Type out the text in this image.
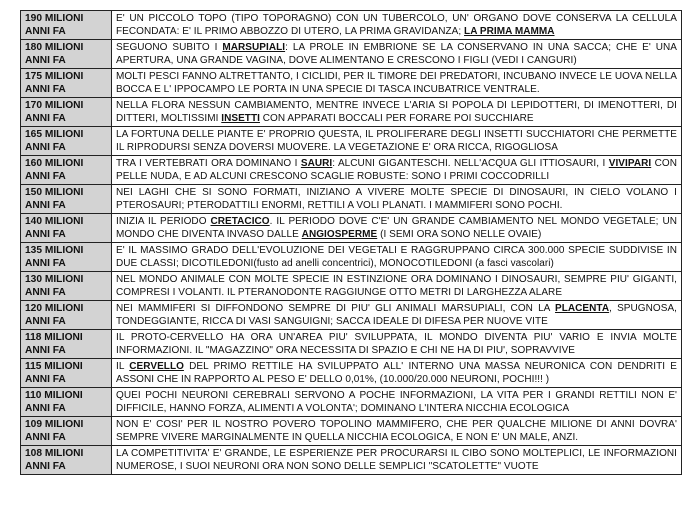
190 MILIONI
ANNI FA	E' UN PICCOLO TOPO (TIPO TOPORAGNO) CON UN TUBERCOLO, UN' ORGANO DOVE CONSERVA LA CELLULA FECONDATA: E' IL PRIMO ABBOZZO DI UTERO, LA PRIMA GRAVIDANZA; LA PRIMA MAMMA

180 MILIONI
ANNI FA	SEGUONO SUBITO I MARSUPIALI: LA PROLE IN EMBRIONE SE LA CONSERVANO IN UNA SACCA; CHE E' UNA APERTURA, UNA GRANDE VAGINA, DOVE ALIMENTANO E CRESCONO I FIGLI (VEDI I CANGURI)

175 MILIONI
ANNI FA	MOLTI PESCI FANNO ALTRETTANTO, I CICLIDI, PER IL TIMORE DEI PREDATORI, INCUBANO INVECE LE UOVA NELLA BOCCA E L' IPPOCAMPO LE PORTA IN UNA SPECIE DI TASCA INCUBATRICE VENTRALE.

170 MILIONI
ANNI FA	NELLA FLORA NESSUN CAMBIAMENTO, MENTRE INVECE L'ARIA SI POPOLA DI LEPIDOTTERI, DI IMENOTTERI, DI DITTERI, MOLTISSIMI INSETTI CON APPARATI BOCCALI PER FORARE POI SUCCHIARE

165 MILIONI
ANNI FA	LA FORTUNA DELLE PIANTE E' PROPRIO QUESTA, IL PROLIFERARE DEGLI INSETTI SUCCHIATORI CHE PERMETTE IL RIPRODURSI SENZA DOVERSI MUOVERE. LA VEGETAZIONE E' ORA RICCA, RIGOGLIOSA

160 MILIONI
ANNI FA	TRA I VERTEBRATI ORA DOMINANO I SAURI: ALCUNI GIGANTESCHI. NELL'ACQUA GLI ITTIOSAURI, I VIVIPARI CON PELLE NUDA, E AD ALCUNI CRESCONO SCAGLIE ROBUSTE: SONO I PRIMI COCCODRILLI

150 MILIONI
ANNI FA	NEI LAGHI CHE SI SONO FORMATI, INIZIANO A VIVERE MOLTE SPECIE DI DINOSAURI, IN CIELO VOLANO I PTEROSAURI; PTERODATTILI ENORMI, RETTILI A VOLI PLANATI. I MAMMIFERI SONO POCHI.

140 MILIONI
ANNI FA	INIZIA IL PERIODO CRETACICO. IL PERIODO DOVE C'E' UN GRANDE CAMBIAMENTO NEL MONDO VEGETALE; UN MONDO CHE DIVENTA INVASO DALLE ANGIOSPERME (I SEMI ORA SONO NELLE OVAIE)

135 MILIONI
ANNI FA	E' IL MASSIMO GRADO DELL'EVOLUZIONE DEI VEGETALI E RAGGRUPPANO CIRCA 300.000 SPECIE SUDDIVISE IN DUE CLASSI; DICOTILEDONI(fusto ad anelli concentrici), MONOCOTILEDONI (a fasci vascolari)

130 MILIONI
ANNI FA	NEL MONDO ANIMALE CON MOLTE SPECIE IN ESTINZIONE ORA DOMINANO I DINOSAURI, SEMPRE PIU' GIGANTI, COMPRESI I VOLANTI. IL PTERANODONTE RAGGIUNGE OTTO METRI DI LARGHEZZA ALARE

120 MILIONI
ANNI FA	NEI MAMMIFERI SI DIFFONDONO SEMPRE DI PIU' GLI ANIMALI MARSUPIALI, CON LA PLACENTA, SPUGNOSA, TONDEGGIANTE, RICCA DI VASI SANGUIGNI; SACCA IDEALE DI DIFESA PER NUOVE VITE

118 MILIONI
ANNI FA	IL PROTO-CERVELLO HA ORA UN'AREA PIU' SVILUPPATA, IL MONDO DIVENTA PIU' VARIO E INVIA MOLTE INFORMAZIONI. IL "MAGAZZINO" ORA NECESSITA DI SPAZIO E CHI NE HA DI PIU', SOPRAVVIVE

115 MILIONI
ANNI FA	IL CERVELLO DEL PRIMO RETTILE HA SVILUPPATO ALL' INTERNO UNA MASSA NEURONICA CON DENDRITI E ASSONI CHE IN RAPPORTO AL PESO E' DELLO 0,01%, (10.000/20.000 NEURONI, POCHI!!! )

110 MILIONI
ANNI FA	QUEI POCHI NEURONI CEREBRALI SERVONO A POCHE INFORMAZIONI, LA VITA PER I GRANDI RETTILI NON E' DIFFICILE, HANNO FORZA, ALIMENTI A VOLONTA'; DOMINANO L'INTERA NICCHIA ECOLOGICA

109 MILIONI
ANNI FA	NON E' COSI' PER IL NOSTRO POVERO TOPOLINO MAMMIFERO, CHE PER QUALCHE MILIONE DI ANNI DOVRA' SEMPRE VIVERE MARGINALMENTE IN QUELLA NICCHIA ECOLOGICA, E NON E' UN MALE, ANZI.

108 MILIONI
ANNI FA	LA COMPETITIVITA' E' GRANDE, LE ESPERIENZE PER PROCURARSI IL CIBO SONO MOLTEPLICI, LE INFORMAZIONI NUMEROSE, I SUOI NEURONI ORA NON SONO DELLE SEMPLICI "SCATOLETTE" VUOTE
